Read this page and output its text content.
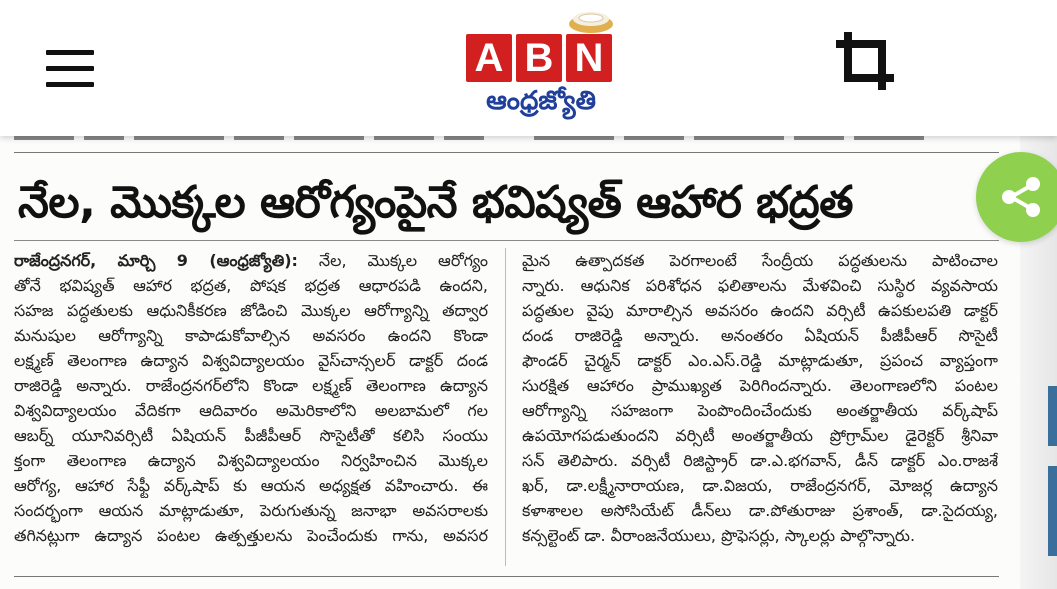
A B N
ఆంధ్రజ్యోతి
నేల, మొక్కల ఆరోగ్యంపైనే భవిష్యత్ ఆహార భద్రత
రాజేంద్రనగర్, మార్చి 9 (ఆంధ్రజ్యోతి): నేల, మొక్కల ఆరోగ్యం
తోనే భవిష్యత్ ఆహార భద్రత, పోషక భద్రత ఆధారపడి ఉందని,
సహజ పద్ధతులకు ఆధునికీకరణ జోడించి మొక్కల ఆరోగ్యాన్ని తద్వార
మనుషుల ఆరోగ్యాన్ని కాపాడుకోవాల్సిన అవసరం ఉందని కొండా
లక్ష్మణ్ తెలంగాణ ఉద్యాన విశ్వవిద్యాలయం వైస్‌చాన్సలర్ డాక్టర్ దండ
రాజిరెడ్డి అన్నారు. రాజేంద్రనగర్‌లోని కొండా లక్ష్మణ్ తెలంగాణ ఉద్యాన
విశ్వవిద్యాలయం వేదికగా ఆదివారం అమెరికాలోని అలబామలో గల
ఆబర్న్ యూనివర్సిటీ ఏషియన్ పీజీపీఆర్ సొసైటీతో కలిసి సంయు
క్తంగా తెలంగాణ ఉద్యాన విశ్వవిద్యాలయం నిర్వహించిన మొక్కల
ఆరోగ్య, ఆహార సేఫ్టీ వర్క్‌షాప్ కు ఆయన అధ్యక్షత వహించారు. ఈ
సందర్భంగా ఆయన మాట్లాడుతూ, పెరుగుతున్న జనాభా అవసరాలకు
తగినట్లుగా ఉద్యాన పంటల ఉత్పత్తులను పెంచేందుకు గాను, అవసర
మైన ఉత్పాదకత పెరగాలంటే సేంద్రీయ పద్ధతులను పాటించాల
న్నారు. ఆధునిక పరిశోధన ఫలితాలను మేళవించి సుస్థిర వ్యవసాయ
పద్ధతుల వైపు మారాల్సిన అవసరం ఉందని వర్సిటీ ఉపకులపతి డాక్టర్
దండ రాజిరెడ్డి అన్నారు. అనంతరం ఏషియన్ పీజీపీఆర్ సొసైటీ
ఫౌండర్ చైర్మన్ డాక్టర్ ఎం.ఎస్.రెడ్డి మాట్లాడుతూ, ప్రపంచ వ్యాప్తంగా
సురక్షిత ఆహారం ప్రాముఖ్యత పెరిగిందన్నారు. తెలంగాణలోని పంటల
ఆరోగ్యాన్ని సహజంగా పెంపొందించేందుకు అంతర్జాతీయ వర్క్‌షాప్
ఉపయోగపడుతుందని వర్సిటీ అంతర్జాతీయ ప్రోగ్రామ్‌ల డైరెక్టర్ శ్రీనివా
సన్ తెలిపారు. వర్సిటీ రిజిస్ట్రార్ డా.ఎ.భగవాన్, డీన్ డాక్టర్ ఎం.రాజశే
ఖర్, డా.లక్ష్మీనారాయణ, డా.విజయ, రాజేంద్రనగర్, మోజర్ల ఉద్యాన
కళాశాలల అసోసియేట్ డీన్‌లు డా.పోతురాజు ప్రశాంత్, డా.సైదయ్య,
కన్సల్టెంట్ డా. వీరాంజనేయులు, ప్రొఫెసర్లు, స్కాలర్లు పాల్గొన్నారు.
